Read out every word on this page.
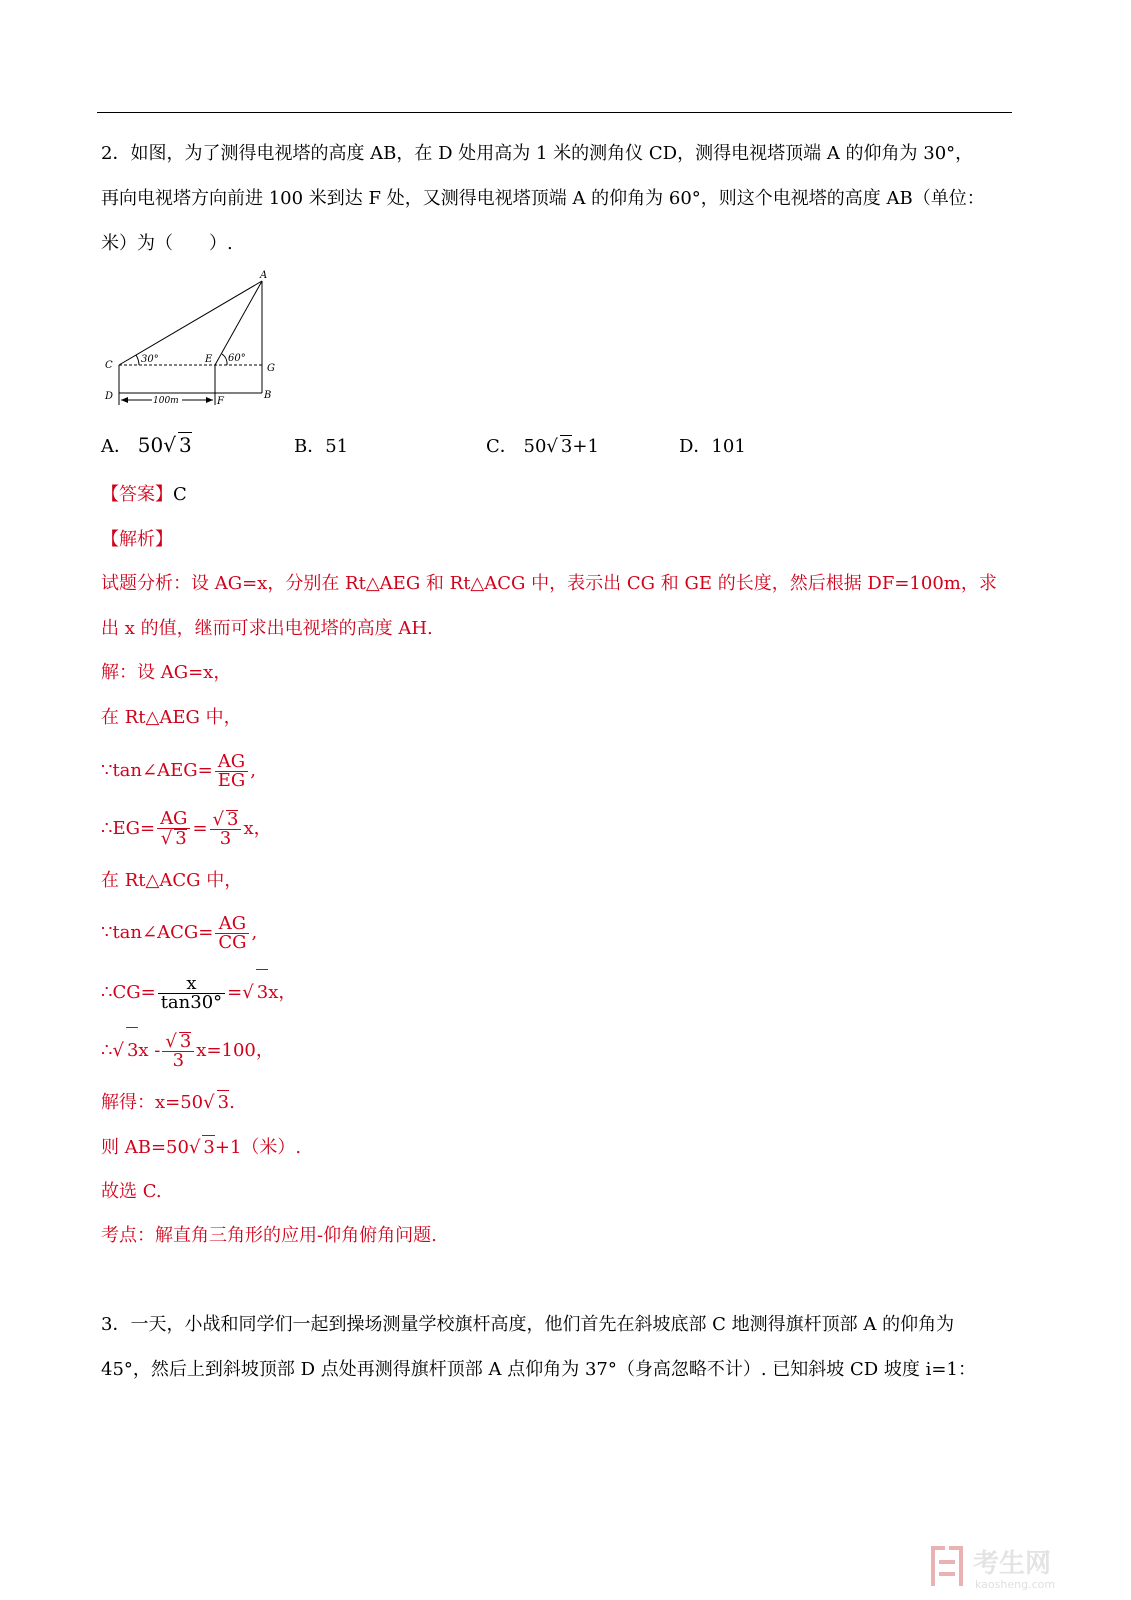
2．如图，为了测得电视塔的高度 AB，在 D 处用高为 1 米的测角仪 CD，测得电视塔顶端 A 的仰角为 30°，
再向电视塔方向前进 100 米到达 F 处，又测得电视塔顶端 A 的仰角为 60°，则这个电视塔的高度 AB（单位：
米）为（　　）.
A
C
E
G
D	F
B
30°	60°
100m
A． 50√ 3	B．51	C． 50√ 3+1	D．101
【答案】C
【解析】
试题分析：设 AG=x，分别在 Rt△AEG 和 Rt△ACG 中，表示出 CG 和 GE 的长度，然后根据 DF=100m，求
出 x 的值，继而可求出电视塔的高度 AH.
解：设 AG=x，
在 Rt△AEG 中，
∵tan∠AEG= $\frac{AG}{EG}$ ,
∴EG= $\frac{AG}{√ 3} = \frac{√ 3}{3}$ x，
在 Rt△ACG 中，
∵tan∠ACG= $\frac{AG}{CG}$ ,
∴CG= $\frac{x}{\tan 30^\circ}$ =√ 3x，
∴√ $3x - \frac{√ 3}{3} x=100$，
解得：x=50√ 3.
则 AB=50√ 3+1（米）.
故选 C.
考点：解直角三角形的应用-仰角俯角问题.
3．一天，小战和同学们一起到操场测量学校旗杆高度，他们首先在斜坡底部 C 地测得旗杆顶部 A 的仰角为
45°，然后上到斜坡顶部 D 点处再测得旗杆顶部 A 点仰角为 37°（身高忽略不计）. 已知斜坡 CD 坡度 i=1：
考生网
kaosheng.com
